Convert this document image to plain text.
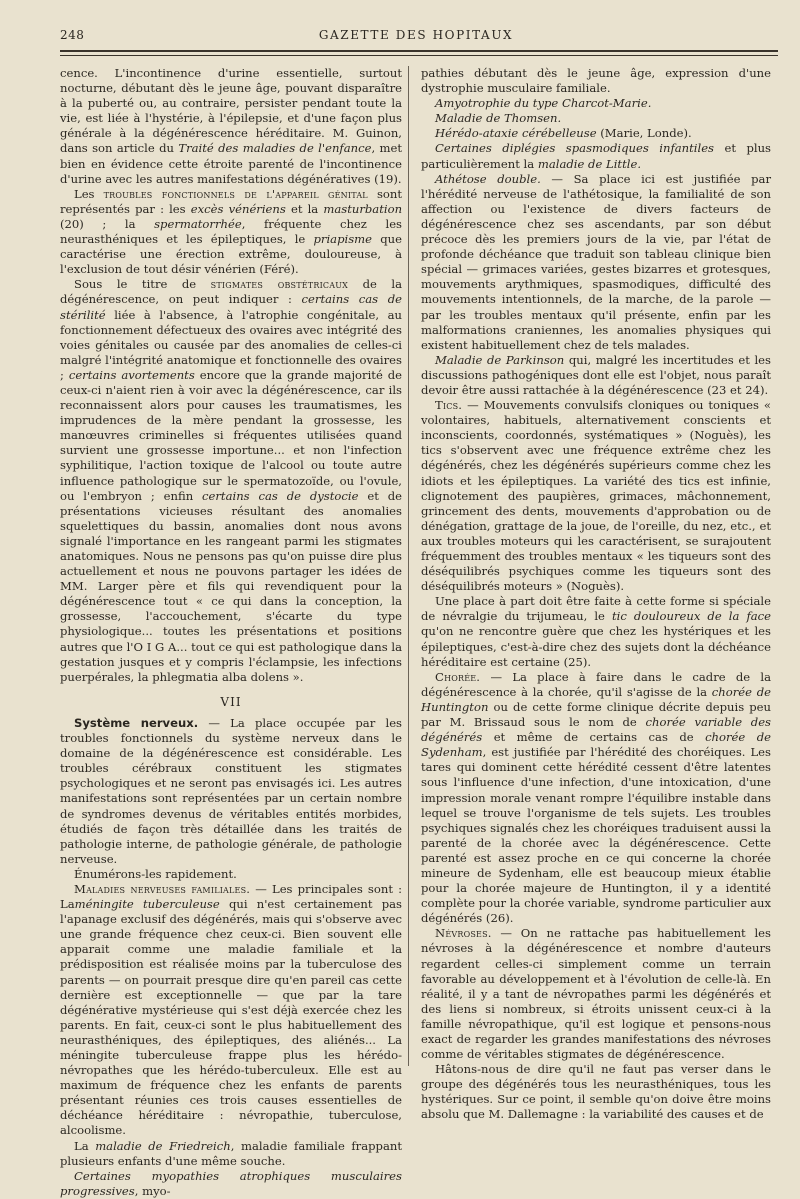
248	GAZETTE DES HOPITAUX

cence. L'incontinence d'urine essentielle, surtout nocturne, débutant dès le jeune âge, pouvant disparaître à la puberté ou, au contraire, persister pendant toute la vie, est liée à l'hystérie, à l'épilepsie, et d'une façon plus générale à la dégénérescence héréditaire. M. Guinon, dans son article du Traité des maladies de l'enfance, met bien en évidence cette étroite parenté de l'incontinence d'urine avec les autres manifestations dégénératives (19).

Les troubles fonctionnels de l'appareil génital sont représentés par : les excès vénériens et la masturbation (20) ; la spermatorrhée, fréquente chez les neurasthéniques et les épileptiques, le priapisme que caractérise une érection extrême, douloureuse, à l'exclusion de tout désir vénérien (Féré).

Sous le titre de stigmates obstétricaux de la dégénérescence, on peut indiquer : certains cas de stérilité liée à l'absence, à l'atrophie congénitale, au fonctionnement défectueux des ovaires avec intégrité des voies génitales ou causée par des anomalies de celles-ci malgré l'intégrité anatomique et fonctionnelle des ovaires ; certains avortements encore que la grande majorité de ceux-ci n'aient rien à voir avec la dégénérescence, car ils reconnaissent alors pour causes les traumatismes, les imprudences de la mère pendant la grossesse, les manœuvres criminelles si fréquentes utilisées quand survient une grossesse importune... et non l'infection syphilitique, l'action toxique de l'alcool ou toute autre influence pathologique sur le spermatozoïde, ou l'ovule, ou l'embryon ; enfin certains cas de dystocie et de présentations vicieuses résultant des anomalies squelettiques du bassin, anomalies dont nous avons signalé l'importance en les rangeant parmi les stigmates anatomiques. Nous ne pensons pas qu'on puisse dire plus actuellement et nous ne pouvons partager les idées de MM. Larger père et fils qui revendiquent pour la dégénérescence tout « ce qui dans la conception, la grossesse, l'accouchement, s'écarte du type physiologique... toutes les présentations et positions autres que l'O I G A... tout ce qui est pathologique dans la gestation jusques et y compris l'éclampsie, les infections puerpérales, la phlegmatia alba dolens ».

VII

Système nerveux. — La place occupée par les troubles fonctionnels du système nerveux dans le domaine de la dégénérescence est considérable. Les troubles cérébraux constituent les stigmates psychologiques et ne seront pas envisagés ici. Les autres manifestations sont représentées par un certain nombre de syndromes devenus de véritables entités morbides, étudiés de façon très détaillée dans les traités de pathologie interne, de pathologie générale, de pathologie nerveuse.

Énumérons-les rapidement.

Maladies nerveuses familiales. — Les principales sont : Laméningite tuberculeuse qui n'est certainement pas l'apanage exclusif des dégénérés, mais qui s'observe avec une grande fréquence chez ceux-ci. Bien souvent elle apparait comme une maladie familiale et la prédisposition est réalisée moins par la tuberculose des parents — on pourrait presque dire qu'en pareil cas cette dernière est exceptionnelle — que par la tare dégénérative mystérieuse qui s'est déjà exercée chez les parents. En fait, ceux-ci sont le plus habituellement des neurasthéniques, des épileptiques, des aliénés... La méningite tuberculeuse frappe plus les hérédo-névropathes que les hérédo-tuberculeux. Elle est au maximum de fréquence chez les enfants de parents présentant réunies ces trois causes essentielles de déchéance héréditaire : névropathie, tuberculose, alcoolisme.

La maladie de Friedreich, maladie familiale frappant plusieurs enfants d'une même souche.

Certaines myopathies atrophiques musculaires progressives, myo-

pathies débutant dès le jeune âge, expression d'une dystrophie musculaire familiale.

Amyotrophie du type Charcot-Marie.

Maladie de Thomsen.

Hérédo-ataxie cérébelleuse (Marie, Londe).

Certaines diplégies spasmodiques infantiles et plus particulièrement la maladie de Little.

Athétose double. — Sa place ici est justifiée par l'hérédité nerveuse de l'athétosique, la familialité de son affection ou l'existence de divers facteurs de dégénérescence chez ses ascendants, par son début précoce dès les premiers jours de la vie, par l'état de profonde déchéance que traduit son tableau clinique bien spécial — grimaces variées, gestes bizarres et grotesques, mouvements arythmiques, spasmodiques, difficulté des mouvements intentionnels, de la marche, de la parole — par les troubles mentaux qu'il présente, enfin par les malformations craniennes, les anomalies physiques qui existent habituellement chez de tels malades.

Maladie de Parkinson qui, malgré les incertitudes et les discussions pathogéniques dont elle est l'objet, nous paraît devoir être aussi rattachée à la dégénérescence (23 et 24).

Tics. — Mouvements convulsifs cloniques ou toniques « volontaires, habituels, alternativement conscients et inconscients, coordonnés, systématiques » (Noguès), les tics s'observent avec une fréquence extrême chez les dégénérés, chez les dégénérés supérieurs comme chez les idiots et les épileptiques. La variété des tics est infinie, clignotement des paupières, grimaces, mâchonnement, grincement des dents, mouvements d'approbation ou de dénégation, grattage de la joue, de l'oreille, du nez, etc., et aux troubles moteurs qui les caractérisent, se surajoutent fréquemment des troubles mentaux « les tiqueurs sont des déséquilibrés psychiques comme les tiqueurs sont des déséquilibrés moteurs » (Noguès).

Une place à part doit être faite à cette forme si spéciale de névralgie du trijumeau, le tic douloureux de la face qu'on ne rencontre guère que chez les hystériques et les épileptiques, c'est-à-dire chez des sujets dont la déchéance héréditaire est certaine (25).

Chorée. — La place à faire dans le cadre de la dégénérescence à la chorée, qu'il s'agisse de la chorée de Huntington ou de cette forme clinique décrite depuis peu par M. Brissaud sous le nom de chorée variable des dégénérés et même de certains cas de chorée de Sydenham, est justifiée par l'hérédité des choréiques. Les tares qui dominent cette hérédité cessent d'être latentes sous l'influence d'une infection, d'une intoxication, d'une impression morale venant rompre l'équilibre instable dans lequel se trouve l'organisme de tels sujets. Les troubles psychiques signalés chez les choréiques traduisent aussi la parenté de la chorée avec la dégénérescence. Cette parenté est assez proche en ce qui concerne la chorée mineure de Sydenham, elle est beaucoup mieux établie pour la chorée majeure de Huntington, il y a identité complète pour la chorée variable, syndrome particulier aux dégénérés (26).

Névroses. — On ne rattache pas habituellement les névroses à la dégénérescence et nombre d'auteurs regardent celles-ci simplement comme un terrain favorable au développement et à l'évolution de celle-là. En réalité, il y a tant de névropathes parmi les dégénérés et des liens si nombreux, si étroits unissent ceux-ci à la famille névropathique, qu'il est logique et pensons-nous exact de regarder les grandes manifestations des névroses comme de véritables stigmates de dégénérescence.

Hâtons-nous de dire qu'il ne faut pas verser dans le groupe des dégénérés tous les neurasthéniques, tous les hystériques. Sur ce point, il semble qu'on doive être moins absolu que M. Dallemagne : la variabilité des causes et de
